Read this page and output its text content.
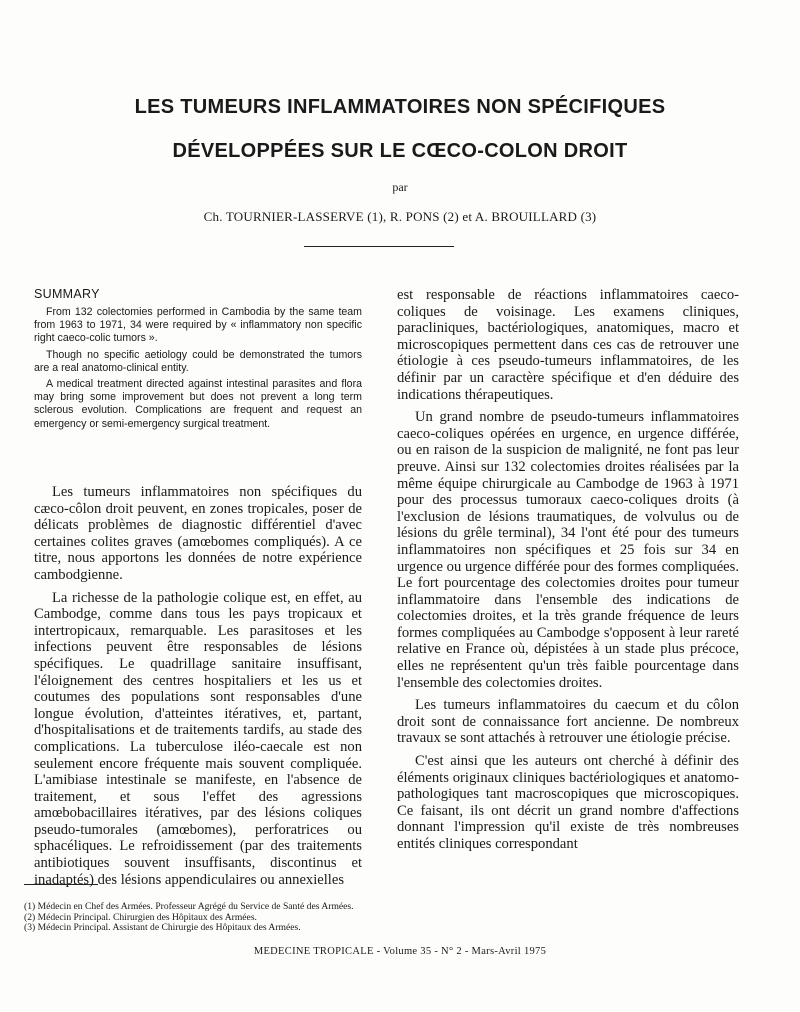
LES TUMEURS INFLAMMATOIRES NON SPÉCIFIQUES
DÉVELOPPÉES SUR LE CŒCO-COLON DROIT
par
Ch. TOURNIER-LASSERVE (1), R. PONS (2) et A. BROUILLARD (3)
SUMMARY

From 132 colectomies performed in Cambodia by the same team from 1963 to 1971, 34 were required by « inflammatory non specific right caeco-colic tumors ».

Though no specific aetiology could be demonstrated the tumors are a real anatomo-clinical entity.

A medical treatment directed against intestinal parasites and flora may bring some improvement but does not prevent a long term sclerous evolution. Complications are frequent and request an emergency or semi-emergency surgical treatment.

Les tumeurs inflammatoires non spécifiques du cæco-côlon droit peuvent, en zones tropicales, poser de délicats problèmes de diagnostic différentiel d'avec certaines colites graves (amœbomes compliqués). A ce titre, nous apportons les données de notre expérience cambodgienne.

La richesse de la pathologie colique est, en effet, au Cambodge, comme dans tous les pays tropicaux et intertropicaux, remarquable. Les parasitoses et les infections peuvent être responsables de lésions spécifiques. Le quadrillage sanitaire insuffisant, l'éloignement des centres hospitaliers et les us et coutumes des populations sont responsables d'une longue évolution, d'atteintes itératives, et, partant, d'hospitalisations et de traitements tardifs, au stade des complications. La tuberculose iléo-caecale est non seulement encore fréquente mais souvent compliquée. L'amibiase intestinale se manifeste, en l'absence de traitement, et sous l'effet des agressions amœbobacillaires itératives, par des lésions coliques pseudo-tumorales (amœbomes), perforatrices ou sphacéliques. Le refroidissement (par des traitements antibiotiques souvent insuffisants, discontinus et inadaptés) des lésions appendiculaires ou annexielles

est responsable de réactions inflammatoires caeco-coliques de voisinage. Les examens cliniques, paracliniques, bactériologiques, anatomiques, macro et microscopiques permettent dans ces cas de retrouver une étiologie à ces pseudo-tumeurs inflammatoires, de les définir par un caractère spécifique et d'en déduire des indications thérapeutiques.

Un grand nombre de pseudo-tumeurs inflammatoires caeco-coliques opérées en urgence, en urgence différée, ou en raison de la suspicion de malignité, ne font pas leur preuve. Ainsi sur 132 colectomies droites réalisées par la même équipe chirurgicale au Cambodge de 1963 à 1971 pour des processus tumoraux caeco-coliques droits (à l'exclusion de lésions traumatiques, de volvulus ou de lésions du grêle terminal), 34 l'ont été pour des tumeurs inflammatoires non spécifiques et 25 fois sur 34 en urgence ou urgence différée pour des formes compliquées. Le fort pourcentage des colectomies droites pour tumeur inflammatoire dans l'ensemble des indications de colectomies droites, et la très grande fréquence de leurs formes compliquées au Cambodge s'opposent à leur rareté relative en France où, dépistées à un stade plus précoce, elles ne représentent qu'un très faible pourcentage dans l'ensemble des colectomies droites.

Les tumeurs inflammatoires du caecum et du côlon droit sont de connaissance fort ancienne. De nombreux travaux se sont attachés à retrouver une étiologie précise.

C'est ainsi que les auteurs ont cherché à définir des éléments originaux cliniques bactériologiques et anatomo-pathologiques tant macroscopiques que microscopiques. Ce faisant, ils ont décrit un grand nombre d'affections donnant l'impression qu'il existe de très nombreuses entités cliniques correspondant

(1) Médecin en Chef des Armées. Professeur Agrégé du Service de Santé des Armées.
(2) Médecin Principal. Chirurgien des Hôpitaux des Armées.
(3) Médecin Principal. Assistant de Chirurgie des Hôpitaux des Armées.
MEDECINE TROPICALE - Volume 35 - N° 2 - Mars-Avril 1975
